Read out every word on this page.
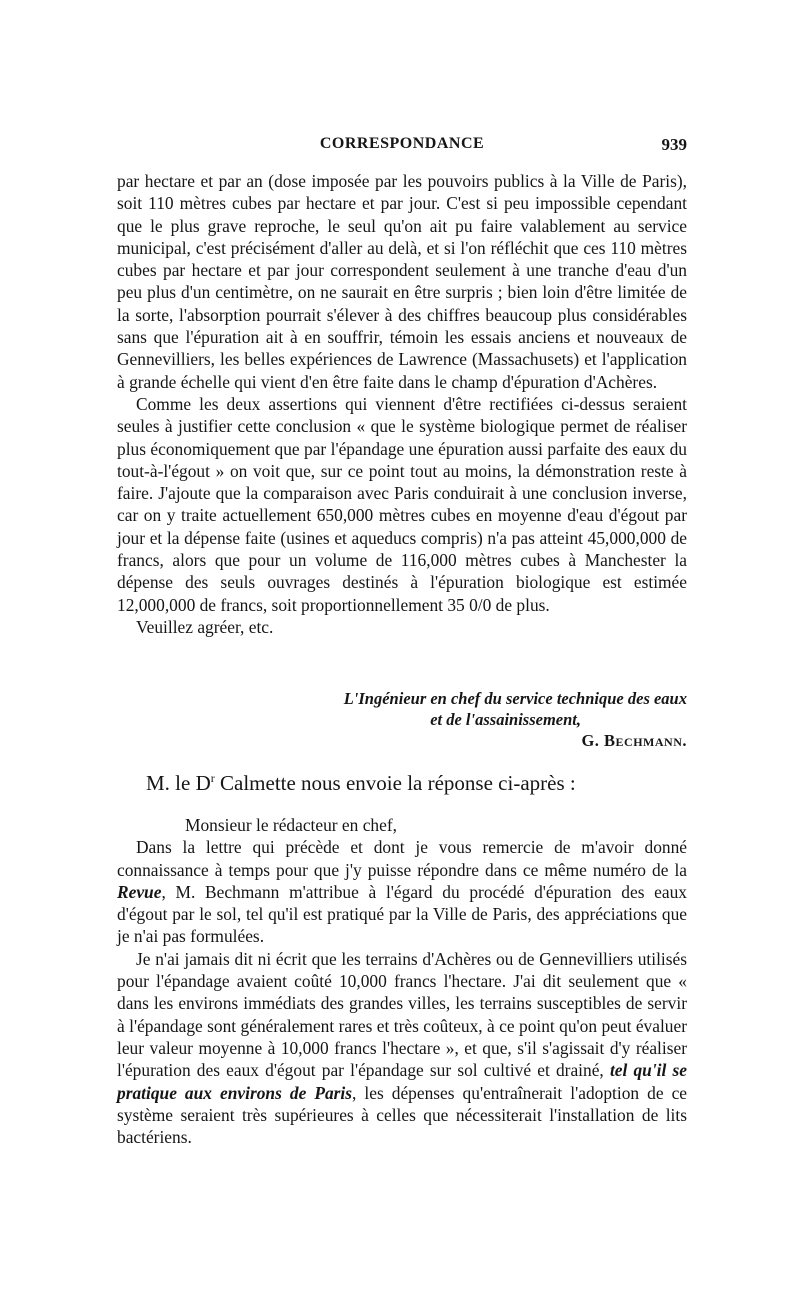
CORRESPONDANCE	939

par hectare et par an (dose imposée par les pouvoirs publics à la Ville de Paris), soit 110 mètres cubes par hectare et par jour. C'est si peu impossible cependant que le plus grave reproche, le seul qu'on ait pu faire valablement au service municipal, c'est précisément d'aller au delà, et si l'on réfléchit que ces 110 mètres cubes par hectare et par jour correspondent seulement à une tranche d'eau d'un peu plus d'un centimètre, on ne saurait en être surpris ; bien loin d'être limitée de la sorte, l'absorption pourrait s'élever à des chiffres beaucoup plus considérables sans que l'épuration ait à en souffrir, témoin les essais anciens et nouveaux de Gennevilliers, les belles expériences de Lawrence (Massachusets) et l'application à grande échelle qui vient d'en être faite dans le champ d'épuration d'Achères.

Comme les deux assertions qui viennent d'être rectifiées ci-dessus seraient seules à justifier cette conclusion « que le système biologique permet de réaliser plus économiquement que par l'épandage une épuration aussi parfaite des eaux du tout-à-l'égout » on voit que, sur ce point tout au moins, la démonstration reste à faire. J'ajoute que la comparaison avec Paris conduirait à une conclusion inverse, car on y traite actuellement 650,000 mètres cubes en moyenne d'eau d'égout par jour et la dépense faite (usines et aqueducs compris) n'a pas atteint 45,000,000 de francs, alors que pour un volume de 116,000 mètres cubes à Manchester la dépense des seuls ouvrages destinés à l'épuration biologique est estimée 12,000,000 de francs, soit proportionnellement 35 0/0 de plus.

Veuillez agréer, etc.

L'Ingénieur en chef du service technique des eaux
et de l'assainissement,
G. Bechmann.
M. le $D^r$ Calmette nous envoie la réponse ci-après :

Monsieur le rédacteur en chef,

Dans la lettre qui précède et dont je vous remercie de m'avoir donné connaissance à temps pour que j'y puisse répondre dans ce même numéro de la Revue, M. Bechmann m'attribue à l'égard du procédé d'épuration des eaux d'égout par le sol, tel qu'il est pratiqué par la Ville de Paris, des appréciations que je n'ai pas formulées.

Je n'ai jamais dit ni écrit que les terrains d'Achères ou de Gennevilliers utilisés pour l'épandage avaient coûté 10,000 francs l'hectare. J'ai dit seulement que « dans les environs immédiats des grandes villes, les terrains susceptibles de servir à l'épandage sont généralement rares et très coûteux, à ce point qu'on peut évaluer leur valeur moyenne à 10,000 francs l'hectare », et que, s'il s'agissait d'y réaliser l'épuration des eaux d'égout par l'épandage sur sol cultivé et drainé, tel qu'il se pratique aux environs de Paris, les dépenses qu'entraînerait l'adoption de ce système seraient très supérieures à celles que nécessiterait l'installation de lits bactériens.
